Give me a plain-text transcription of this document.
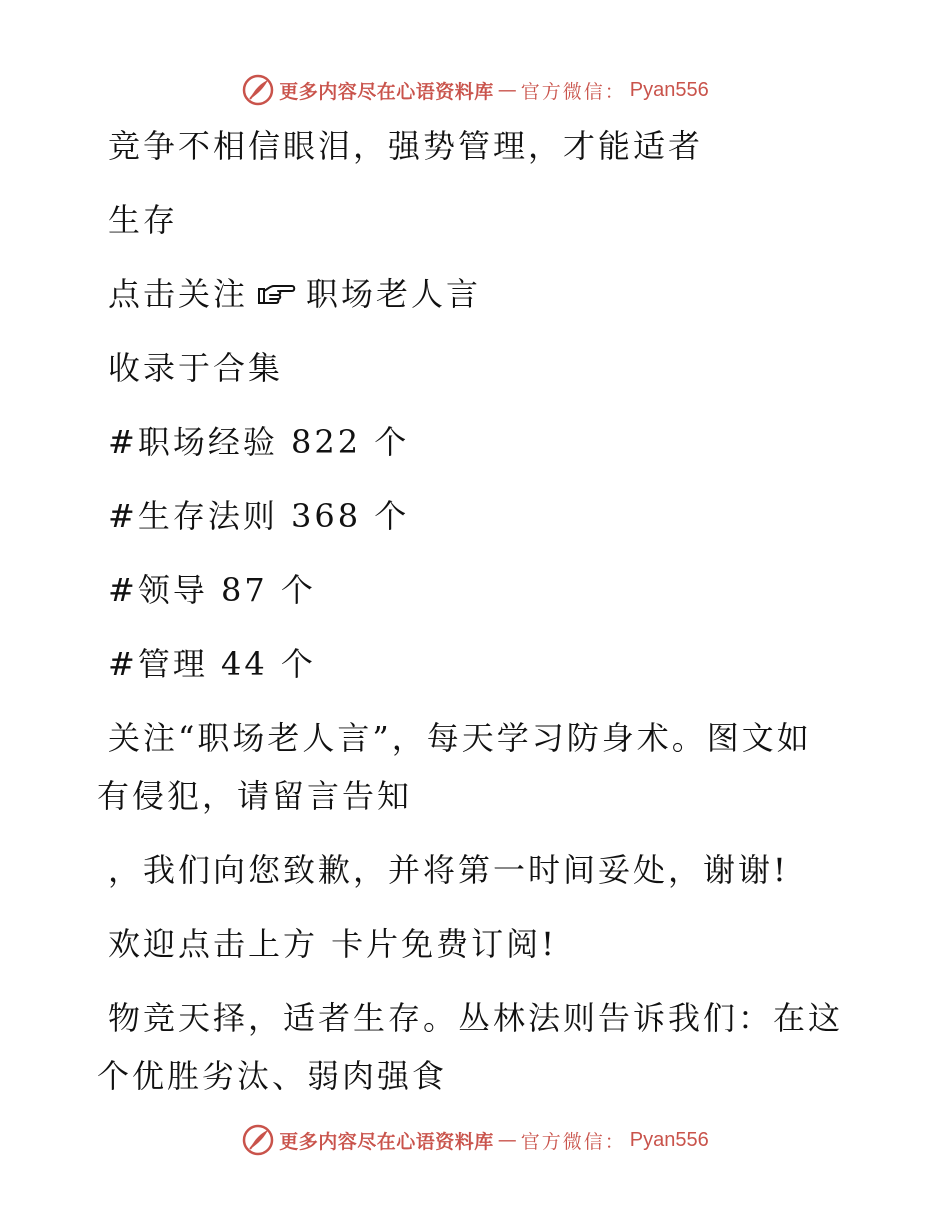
更多内容尽在心语资料库 — 官方微信： Pyan556
竞争不相信眼泪，强势管理，才能适者
生存
点击关注 职场老人言
收录于合集
#职场经验 822 个
#生存法则 368 个
#领导 87 个
#管理 44 个
关注“职场老人言”，每天学习防身术。图文如
有侵犯，请留言告知
，我们向您致歉，并将第一时间妥处，谢谢!
欢迎点击上方 卡片免费订阅!
物竞天择，适者生存。丛林法则告诉我们：在这
个优胜劣汰、弱肉强食
更多内容尽在心语资料库 — 官方微信： Pyan556
